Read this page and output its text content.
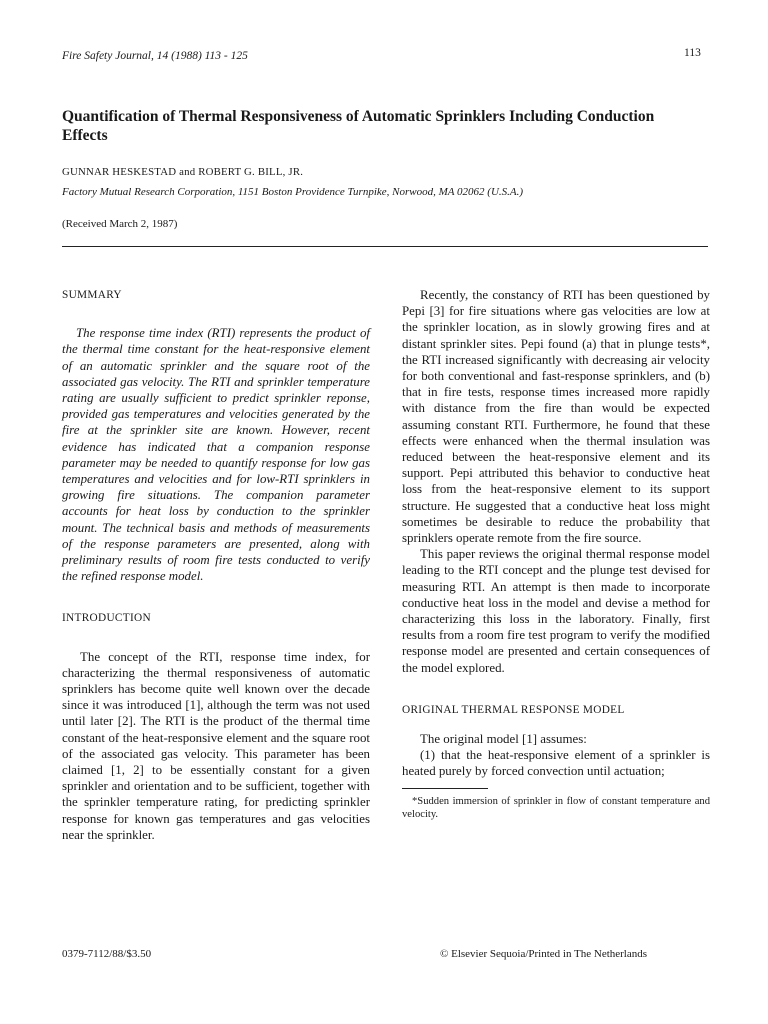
Fire Safety Journal, 14 (1988) 113 - 125	113
Quantification of Thermal Responsiveness of Automatic Sprinklers Including Conduction Effects
GUNNAR HESKESTAD and ROBERT G. BILL, JR.
Factory Mutual Research Corporation, 1151 Boston Providence Turnpike, Norwood, MA 02062 (U.S.A.)
(Received March 2, 1987)

SUMMARY

The response time index (RTI) represents the product of the thermal time constant for the heat-responsive element of an automatic sprinkler and the square root of the associated gas velocity. The RTI and sprinkler temperature rating are usually sufficient to predict sprinkler reponse, provided gas temperatures and velocities generated by the fire at the sprinkler site are known. However, recent evidence has indicated that a companion response parameter may be needed to quantify response for low gas temperatures and velocities and for low-RTI sprinklers in growing fire situations. The companion parameter accounts for heat loss by conduction to the sprinkler mount. The technical basis and methods of measurements of the response parameters are presented, along with preliminary results of room fire tests conducted to verify the refined response model.

INTRODUCTION

The concept of the RTI, response time index, for characterizing the thermal responsiveness of automatic sprinklers has become quite well known over the decade since it was introduced [1], although the term was not used until later [2]. The RTI is the product of the thermal time constant of the heat-responsive element and the square root of the associated gas velocity. This parameter has been claimed [1, 2] to be essentially constant for a given sprinkler and orientation and to be sufficient, together with the sprinkler temperature rating, for predicting sprinkler response for known gas temperatures and gas velocities near the sprinkler.

Recently, the constancy of RTI has been questioned by Pepi [3] for fire situations where gas velocities are low at the sprinkler location, as in slowly growing fires and at distant sprinkler sites. Pepi found (a) that in plunge tests*, the RTI increased significantly with decreasing air velocity for both conventional and fast-response sprinklers, and (b) that in fire tests, response times increased more rapidly with distance from the fire than would be expected assuming constant RTI. Furthermore, he found that these effects were enhanced when the thermal insulation was reduced between the heat-responsive element and its support. Pepi attributed this behavior to conductive heat loss from the heat-responsive element to its support structure. He suggested that a conductive heat loss might sometimes be desirable to reduce the probability that sprinklers operate remote from the fire source.

This paper reviews the original thermal response model leading to the RTI concept and the plunge test devised for measuring RTI. An attempt is then made to incorporate conductive heat loss in the model and devise a method for characterizing this loss in the laboratory. Finally, first results from a room fire test program to verify the modified response model are presented and certain consequences of the model explored.

ORIGINAL THERMAL RESPONSE MODEL

The original model [1] assumes:

(1) that the heat-responsive element of a sprinkler is heated purely by forced convection until actuation;

*Sudden immersion of sprinkler in flow of constant temperature and velocity.

0379-7112/88/$3.50	© Elsevier Sequoia/Printed in The Netherlands
